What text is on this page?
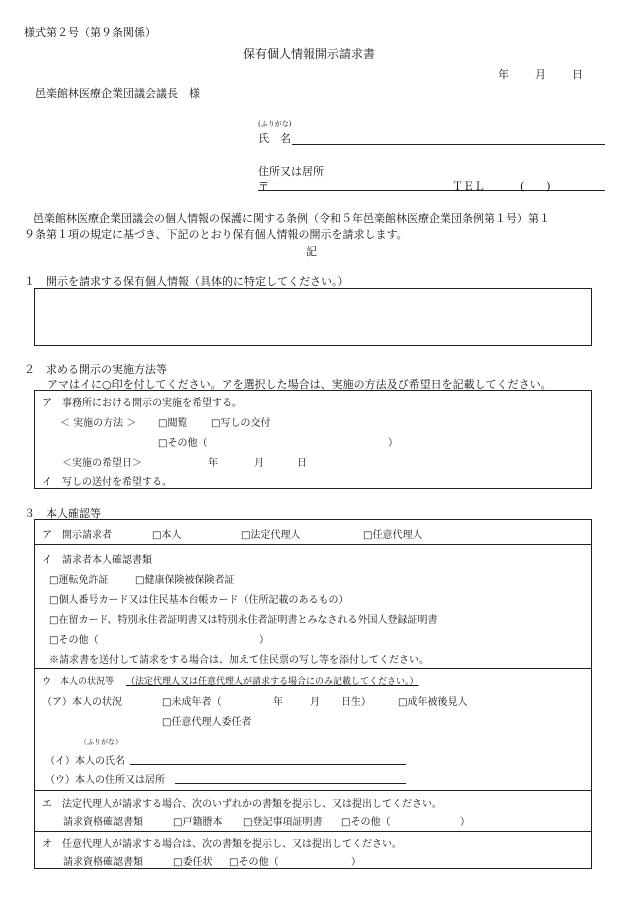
様式第２号（第９条関係）
保有個人情報開示請求書
年 月 日
邑楽館林医療企業団議会議長　様
(ふりがな)
氏　名
住所又は居所
〒	ＴＥＬ	(　　)
邑楽館林医療企業団議会の個人情報の保護に関する条例（令和５年邑楽館林医療企業団条例第１号）第１
９条第１項の規定に基づき、下記のとおり保有個人情報の開示を請求します。
記
１　開示を請求する保有個人情報（具体的に特定してください。）
２　求める開示の実施方法等
アマはイに○印を付してください。アを選択した場合は、実施の方法及び希望日を記載してください。
ア　事務所における開示の実施を希望する。
＜ 実施の方法 ＞ □閲覧 □写しの交付
□その他（	）
＜実施の希望日＞	年	月	日
イ　写しの送付を希望する。
３　本人確認等
ア　開示請求者	□本人	□法定代理人	□任意代理人
イ　請求者本人確認書類
□運転免許証	□健康保険被保険者証
□個人番号カード又は住民基本台帳カード（住所記載のあるもの）
□在留カード、特別永住者証明書又は特別永住者証明書とみなされる外国人登録証明書
□その他（	）
※請求書を送付して請求をする場合は、加えて住民票の写し等を添付してください。
ウ　本人の状況等 （法定代理人又は任意代理人が請求する場合にのみ記載してください。）
（ア）本人の状況	□未成年者（	年	月 日生）	□成年被後見人
□任意代理人委任者
（ふりがな）
（イ）本人の氏名
（ウ）本人の住所又は居所
エ　法定代理人が請求する場合、次のいずれかの書類を提示し、又は提出してください。
請求資格確認書類	□戸籍謄本 □登記事項証明書 □その他（	）
オ　任意代理人が請求する場合は、次の書類を提示し、又は提出してください。
請求資格確認書類	□委任状 □その他（	）
